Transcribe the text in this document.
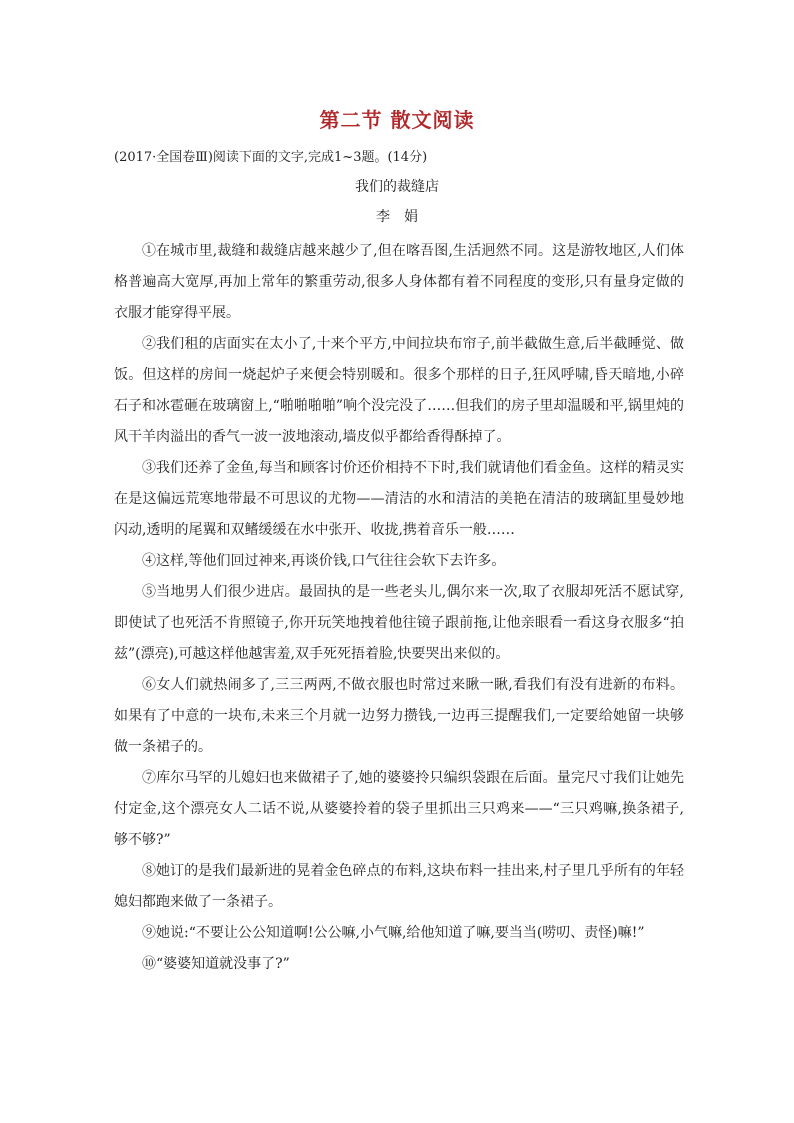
第二节 散文阅读
(2017·全国卷Ⅲ)阅读下面的文字,完成1~3题。(14分)
我们的裁缝店
李娟

①在城市里,裁缝和裁缝店越来越少了,但在喀吾图,生活迥然不同。这是游牧地区,人们体格普遍高大宽厚,再加上常年的繁重劳动,很多人身体都有着不同程度的变形,只有量身定做的衣服才能穿得平展。

②我们租的店面实在太小了,十来个平方,中间拉块布帘子,前半截做生意,后半截睡觉、做饭。但这样的房间一烧起炉子来便会特别暖和。很多个那样的日子,狂风呼啸,昏天暗地,小碎石子和冰雹砸在玻璃窗上,“啪啪啪啪”响个没完没了……但我们的房子里却温暖和平,锅里炖的风干羊肉溢出的香气一波一波地滚动,墙皮似乎都给香得酥掉了。

③我们还养了金鱼,每当和顾客讨价还价相持不下时,我们就请他们看金鱼。这样的精灵实在是这偏远荒寒地带最不可思议的尤物——清洁的水和清洁的美艳在清洁的玻璃缸里曼妙地闪动,透明的尾翼和双鳍缓缓在水中张开、收拢,携着音乐一般……

④这样,等他们回过神来,再谈价钱,口气往往会软下去许多。

⑤当地男人们很少进店。最固执的是一些老头儿,偶尔来一次,取了衣服却死活不愿试穿,即使试了也死活不肯照镜子,你开玩笑地拽着他往镜子跟前拖,让他亲眼看一看这身衣服多“拍兹”(漂亮),可越这样他越害羞,双手死死捂着脸,快要哭出来似的。

⑥女人们就热闹多了,三三两两,不做衣服也时常过来瞅一瞅,看我们有没有进新的布料。如果有了中意的一块布,未来三个月就一边努力攒钱,一边再三提醒我们,一定要给她留一块够做一条裙子的。

⑦库尔马罕的儿媳妇也来做裙子了,她的婆婆拎只编织袋跟在后面。量完尺寸我们让她先付定金,这个漂亮女人二话不说,从婆婆拎着的袋子里抓出三只鸡来——“三只鸡嘛,换条裙子,够不够?”

⑧她订的是我们最新进的晃着金色碎点的布料,这块布料一挂出来,村子里几乎所有的年轻媳妇都跑来做了一条裙子。

⑨她说:“不要让公公知道啊!公公嘛,小气嘛,给他知道了嘛,要当当(唠叨、责怪)嘛!”

⑩“婆婆知道就没事了?”
